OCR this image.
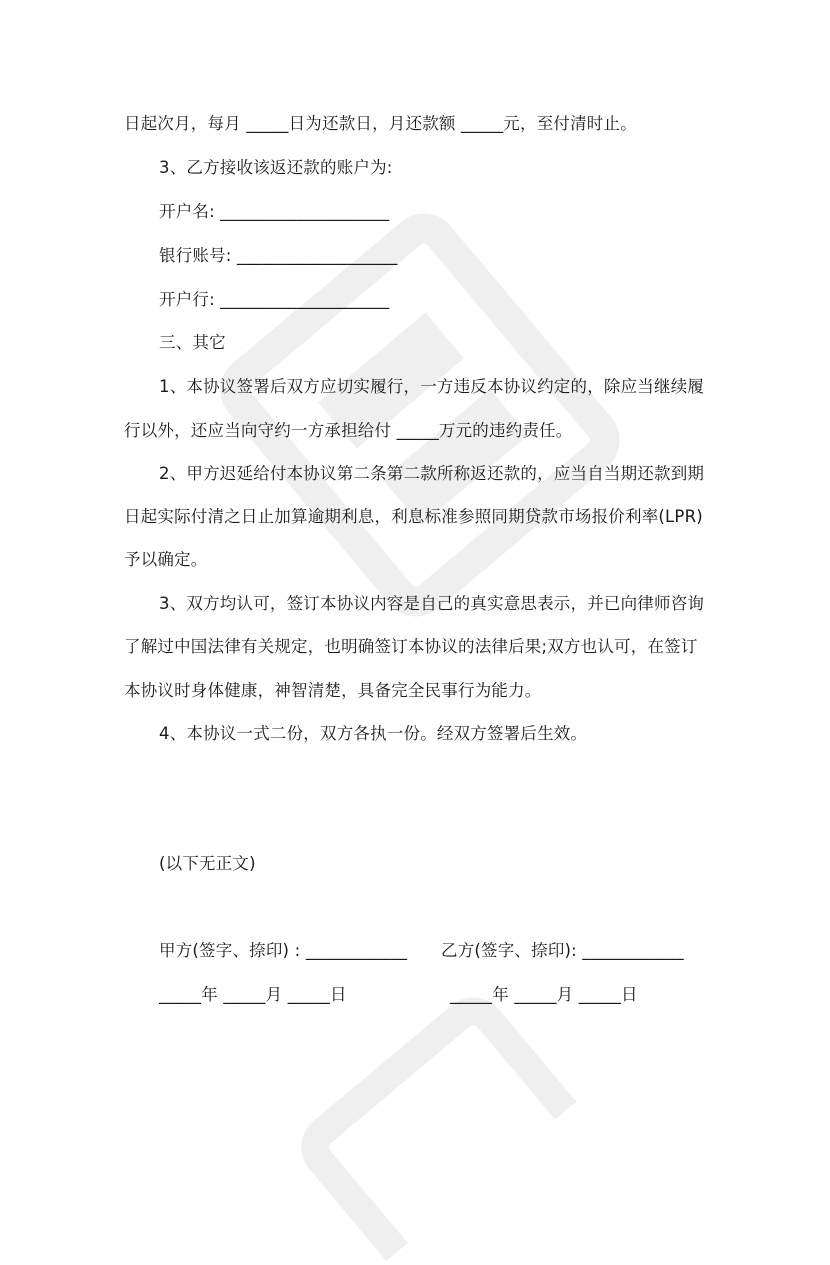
日起次月，每月 _____日为还款日，月还款额 _____元，至付清时止。
3、乙方接收该返还款的账户为:
开户名: ____________________
银行账号: ___________________
开户行: ____________________
三、其它
1、本协议签署后双方应切实履行，一方违反本协议约定的，除应当继续履
行以外，还应当向守约一方承担给付 _____万元的违约责任。
2、甲方迟延给付本协议第二条第二款所称返还款的，应当自当期还款到期
日起实际付清之日止加算逾期利息，利息标准参照同期贷款市场报价利率(LPR)
予以确定。
3、双方均认可，签订本协议内容是自己的真实意思表示，并已向律师咨询
了解过中国法律有关规定，也明确签订本协议的法律后果;双方也认可，在签订
本协议时身体健康，神智清楚，具备完全民事行为能力。
4、本协议一式二份，双方各执一份。经双方签署后生效。
(以下无正文)
甲方(签字、捺印) : ____________ 乙方(签字、捺印): ____________
_____年 _____月 _____日	_____年 _____月 _____日
